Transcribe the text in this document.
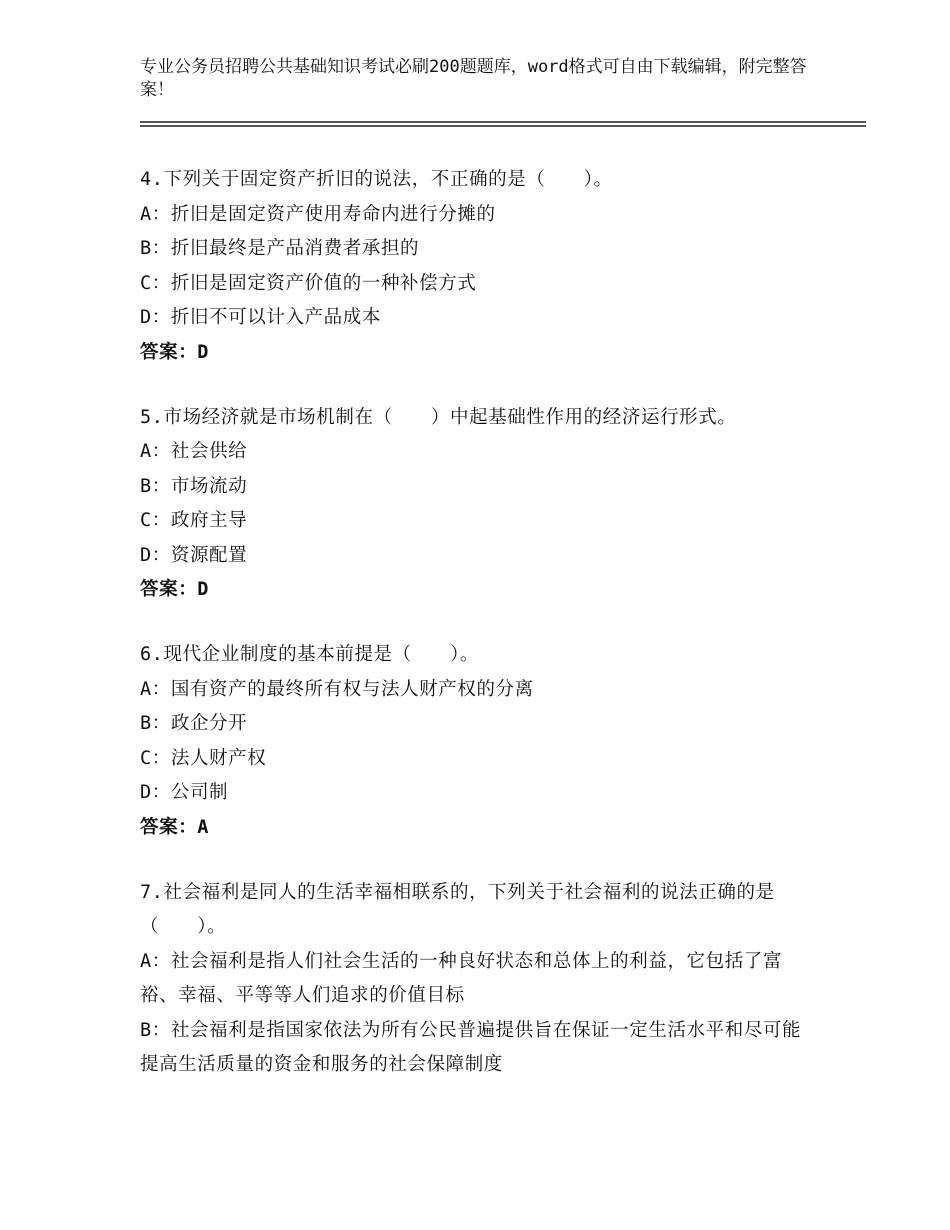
专业公务员招聘公共基础知识考试必刷200题题库，word格式可自由下载编辑，附完整答案！
4.下列关于固定资产折旧的说法，不正确的是（　　）。
A：折旧是固定资产使用寿命内进行分摊的
B：折旧最终是产品消费者承担的
C：折旧是固定资产价值的一种补偿方式
D：折旧不可以计入产品成本
答案：D
5.市场经济就是市场机制在（　　）中起基础性作用的经济运行形式。
A：社会供给
B：市场流动
C：政府主导
D：资源配置
答案：D
6.现代企业制度的基本前提是（　　）。
A：国有资产的最终所有权与法人财产权的分离
B：政企分开
C：法人财产权
D：公司制
答案：A
7.社会福利是同人的生活幸福相联系的，下列关于社会福利的说法正确的是（　　）。
A：社会福利是指人们社会生活的一种良好状态和总体上的利益，它包括了富裕、幸福、平等等人们追求的价值目标
B：社会福利是指国家依法为所有公民普遍提供旨在保证一定生活水平和尽可能提高生活质量的资金和服务的社会保障制度
